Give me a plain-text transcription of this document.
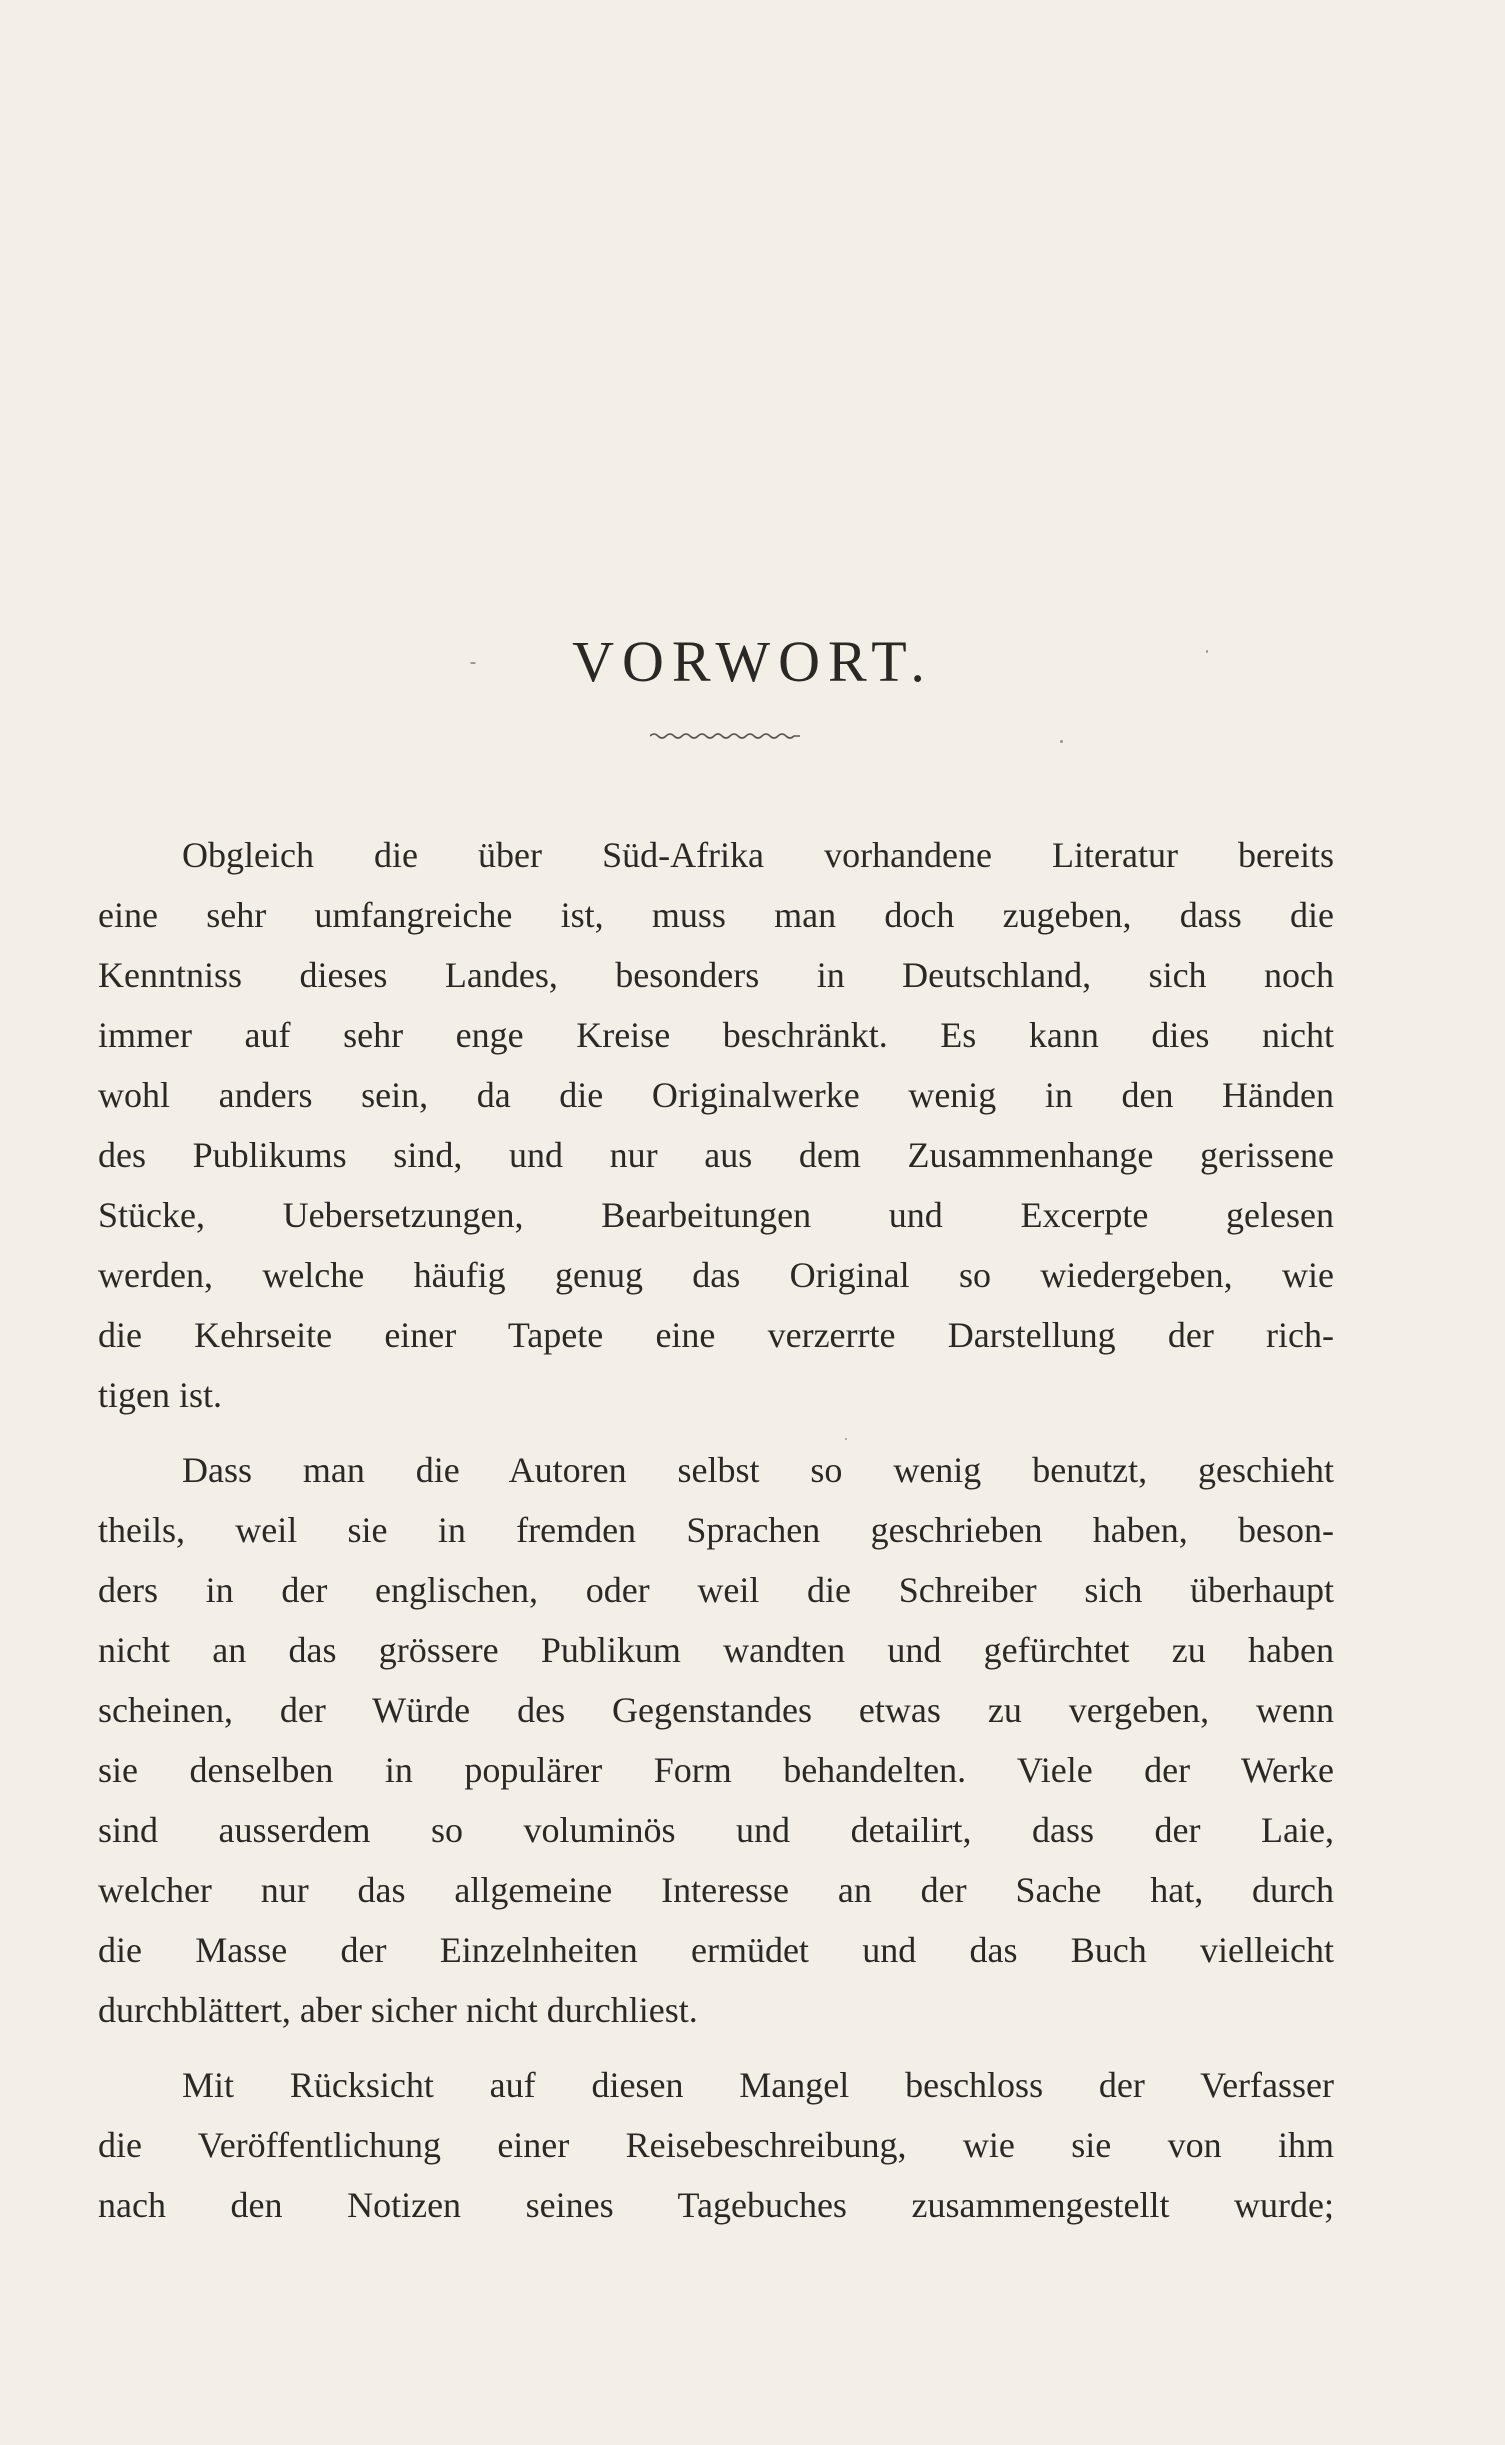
VORWORT.

Obgleich die über Süd-Afrika vorhandene Literatur bereits
eine sehr umfangreiche ist, muss man doch zugeben, dass die
Kenntniss dieses Landes, besonders in Deutschland, sich noch
immer auf sehr enge Kreise beschränkt. Es kann dies nicht
wohl anders sein, da die Originalwerke wenig in den Händen
des Publikums sind, und nur aus dem Zusammenhange gerissene
Stücke, Uebersetzungen, Bearbeitungen und Excerpte gelesen
werden, welche häufig genug das Original so wiedergeben, wie
die Kehrseite einer Tapete eine verzerrte Darstellung der rich-
tigen ist.

Dass man die Autoren selbst so wenig benutzt, geschieht
theils, weil sie in fremden Sprachen geschrieben haben, beson-
ders in der englischen, oder weil die Schreiber sich überhaupt
nicht an das grössere Publikum wandten und gefürchtet zu haben
scheinen, der Würde des Gegenstandes etwas zu vergeben, wenn
sie denselben in populärer Form behandelten. Viele der Werke
sind ausserdem so voluminös und detailirt, dass der Laie,
welcher nur das allgemeine Interesse an der Sache hat, durch
die Masse der Einzelnheiten ermüdet und das Buch vielleicht
durchblättert, aber sicher nicht durchliest.

Mit Rücksicht auf diesen Mangel beschloss der Verfasser
die Veröffentlichung einer Reisebeschreibung, wie sie von ihm
nach den Notizen seines Tagebuches zusammengestellt wurde;
